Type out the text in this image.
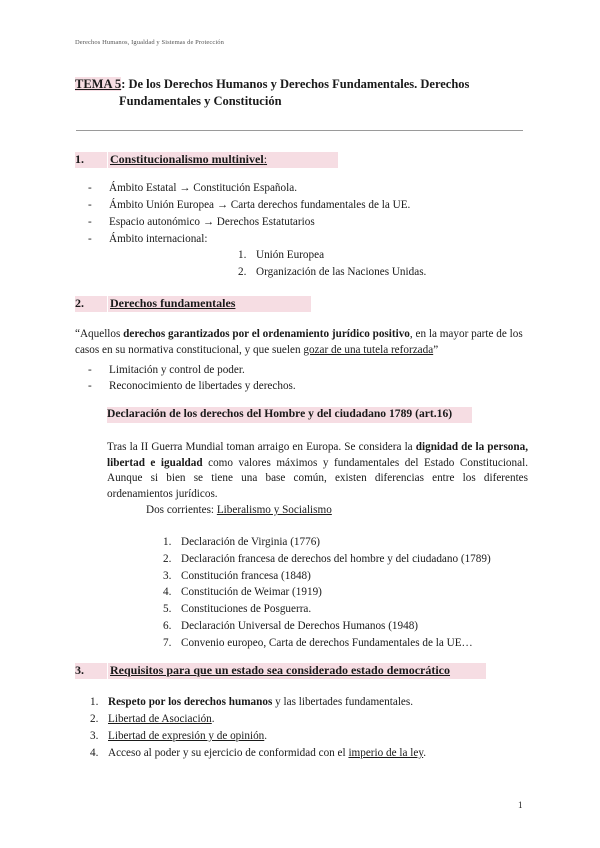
Derechos Humanos, Igualdad y Sistemas de Protección
TEMA 5: De los Derechos Humanos y Derechos Fundamentales. Derechos
Fundamentales y Constitución
1.	Constitucionalismo multinivel:
- Ámbito Estatal → Constitución Española.
- Ámbito Unión Europea → Carta derechos fundamentales de la UE.
- Espacio autonómico → Derechos Estatutarios
- Ámbito internacional:
1. Unión Europea
2. Organización de las Naciones Unidas.
2.	Derechos fundamentales
“Aquellos derechos garantizados por el ordenamiento jurídico positivo, en la mayor parte de los casos en su normativa constitucional, y que suelen gozar de una tutela reforzada”
- Limitación y control de poder.
- Reconocimiento de libertades y derechos.
Declaración de los derechos del Hombre y del ciudadano 1789 (art.16)
Tras la II Guerra Mundial toman arraigo en Europa. Se considera la dignidad de la persona, libertad e igualdad como valores máximos y fundamentales del Estado Constitucional. Aunque si bien se tiene una base común, existen diferencias entre los diferentes ordenamientos jurídicos.
Dos corrientes: Liberalismo y Socialismo
1. Declaración de Virginia (1776)
2. Declaración francesa de derechos del hombre y del ciudadano (1789)
3. Constitución francesa (1848)
4. Constitución de Weimar (1919)
5. Constituciones de Posguerra.
6. Declaración Universal de Derechos Humanos (1948)
7. Convenio europeo, Carta de derechos Fundamentales de la UE…
3.	Requisitos para que un estado sea considerado estado democrático
1. Respeto por los derechos humanos y las libertades fundamentales.
2. Libertad de Asociación.
3. Libertad de expresión y de opinión.
4. Acceso al poder y su ejercicio de conformidad con el imperio de la ley.
1
